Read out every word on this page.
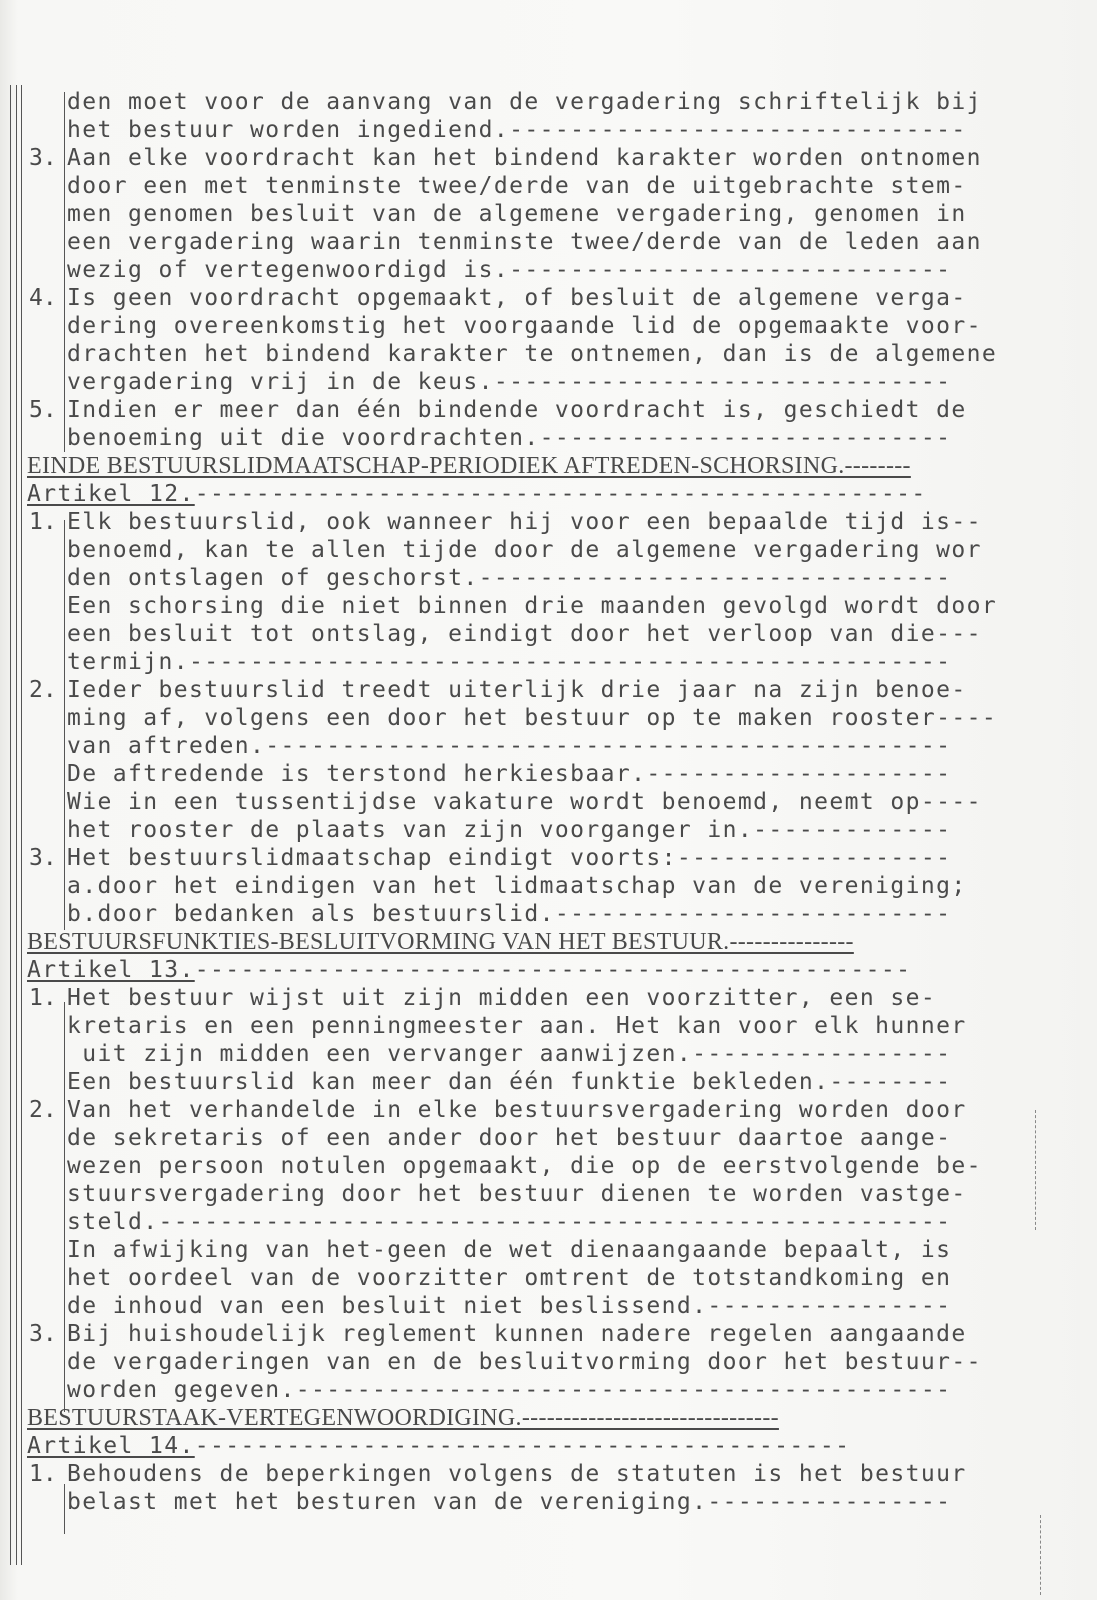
den moet voor de aanvang van de vergadering schriftelijk bij
het bestuur worden ingediend.------------------------------
3. Aan elke voordracht kan het bindend karakter worden ontnomen
door een met tenminste twee/derde van de uitgebrachte stem-
men genomen besluit van de algemene vergadering, genomen in
een vergadering waarin tenminste twee/derde van de leden aan
wezig of vertegenwoordigd is.-----------------------------
4. Is geen voordracht opgemaakt, of besluit de algemene verga-
dering overeenkomstig het voorgaande lid de opgemaakte voor-
drachten het bindend karakter te ontnemen, dan is de algemene
vergadering vrij in de keus.------------------------------
5. Indien er meer dan één bindende voordracht is, geschiedt de
benoeming uit die voordrachten.---------------------------
EINDE BESTUURSLIDMAATSCHAP-PERIODIEK AFTREDEN-SCHORSING.--------
Artikel 12.------------------------------------------------
1. Elk bestuurslid, ook wanneer hij voor een bepaalde tijd is--
benoemd, kan te allen tijde door de algemene vergadering wor
den ontslagen of geschorst.-------------------------------
Een schorsing die niet binnen drie maanden gevolgd wordt door
een besluit tot ontslag, eindigt door het verloop van die---
termijn.--------------------------------------------------
2. Ieder bestuurslid treedt uiterlijk drie jaar na zijn benoe-
ming af, volgens een door het bestuur op te maken rooster----
van aftreden.---------------------------------------------
De aftredende is terstond herkiesbaar.--------------------
Wie in een tussentijdse vakature wordt benoemd, neemt op----
het rooster de plaats van zijn voorganger in.-------------
3. Het bestuurslidmaatschap eindigt voorts:------------------
a.door het eindigen van het lidmaatschap van de vereniging;
b.door bedanken als bestuurslid.--------------------------
BESTUURSFUNKTIES-BESLUITVORMING VAN HET BESTUUR.---------------
Artikel 13.-----------------------------------------------
1. Het bestuur wijst uit zijn midden een voorzitter, een se-
kretaris en een penningmeester aan. Het kan voor elk hunner
uit zijn midden een vervanger aanwijzen.-----------------
Een bestuurslid kan meer dan één funktie bekleden.--------
2. Van het verhandelde in elke bestuursvergadering worden door
de sekretaris of een ander door het bestuur daartoe aange-
wezen persoon notulen opgemaakt, die op de eerstvolgende be-
stuursvergadering door het bestuur dienen te worden vastge-
steld.----------------------------------------------------
In afwijking van het-geen de wet dienaangaande bepaalt, is
het oordeel van de voorzitter omtrent de totstandkoming en
de inhoud van een besluit niet beslissend.----------------
3. Bij huishoudelijk reglement kunnen nadere regelen aangaande
de vergaderingen van en de besluitvorming door het bestuur--
worden gegeven.-------------------------------------------
BESTUURSTAAK-VERTEGENWOORDIGING.-------------------------------
Artikel 14.-------------------------------------------
1. Behoudens de beperkingen volgens de statuten is het bestuur
belast met het besturen van de vereniging.----------------
